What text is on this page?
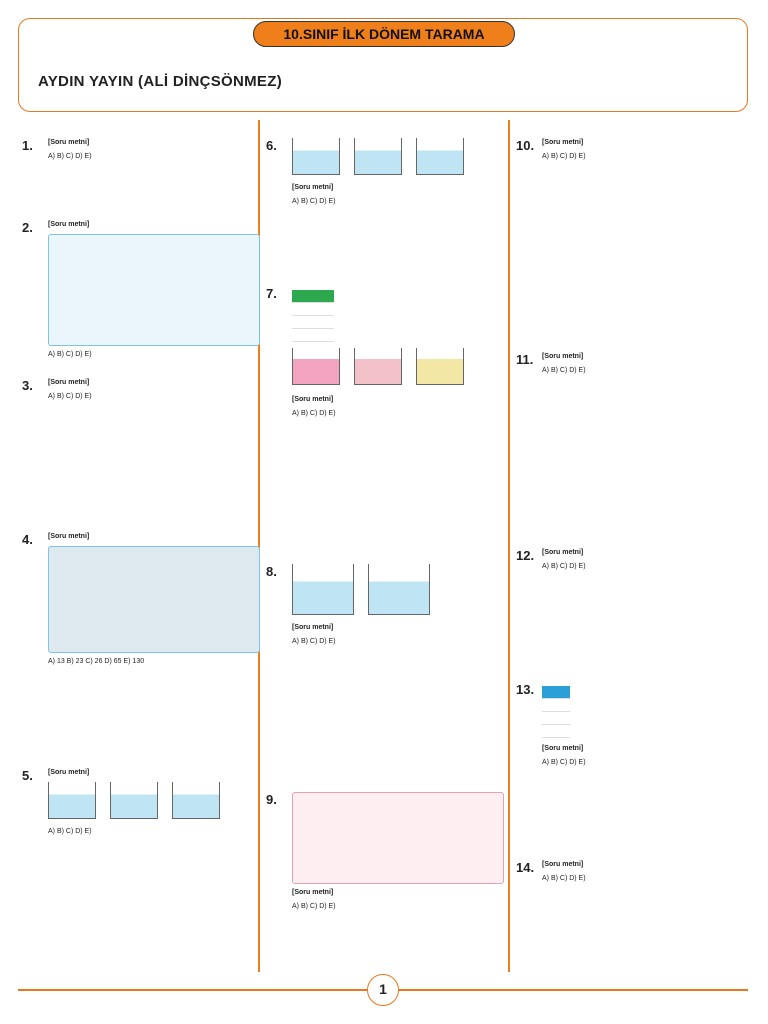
10.SINIF İLK DÖNEM TARAMA
AYDIN YAYIN (ALİ DİNÇSÖNMEZ)
1. [Soru metni]
A) B) C) D) E)
2. [Soru metni]
A) B) C) D) E)
3. [Soru metni]
A) B) C) D) E)
4. [Soru metni]
A) 13 B) 23 C) 26 D) 65 E) 130
5. [Soru metni]
A) B) C) D) E)
6.
[Soru metni]
A) B) C) D) E)
7.

[Soru metni]
A) B) C) D) E)
8.
[Soru metni]
A) B) C) D) E)
9.
[Soru metni]
A) B) C) D) E)
10. [Soru metni]
A) B) C) D) E)
11. [Soru metni]
A) B) C) D) E)
12. [Soru metni]
A) B) C) D) E)
13.

[Soru metni]
A) B) C) D) E)
14. [Soru metni]
A) B) C) D) E)
1
